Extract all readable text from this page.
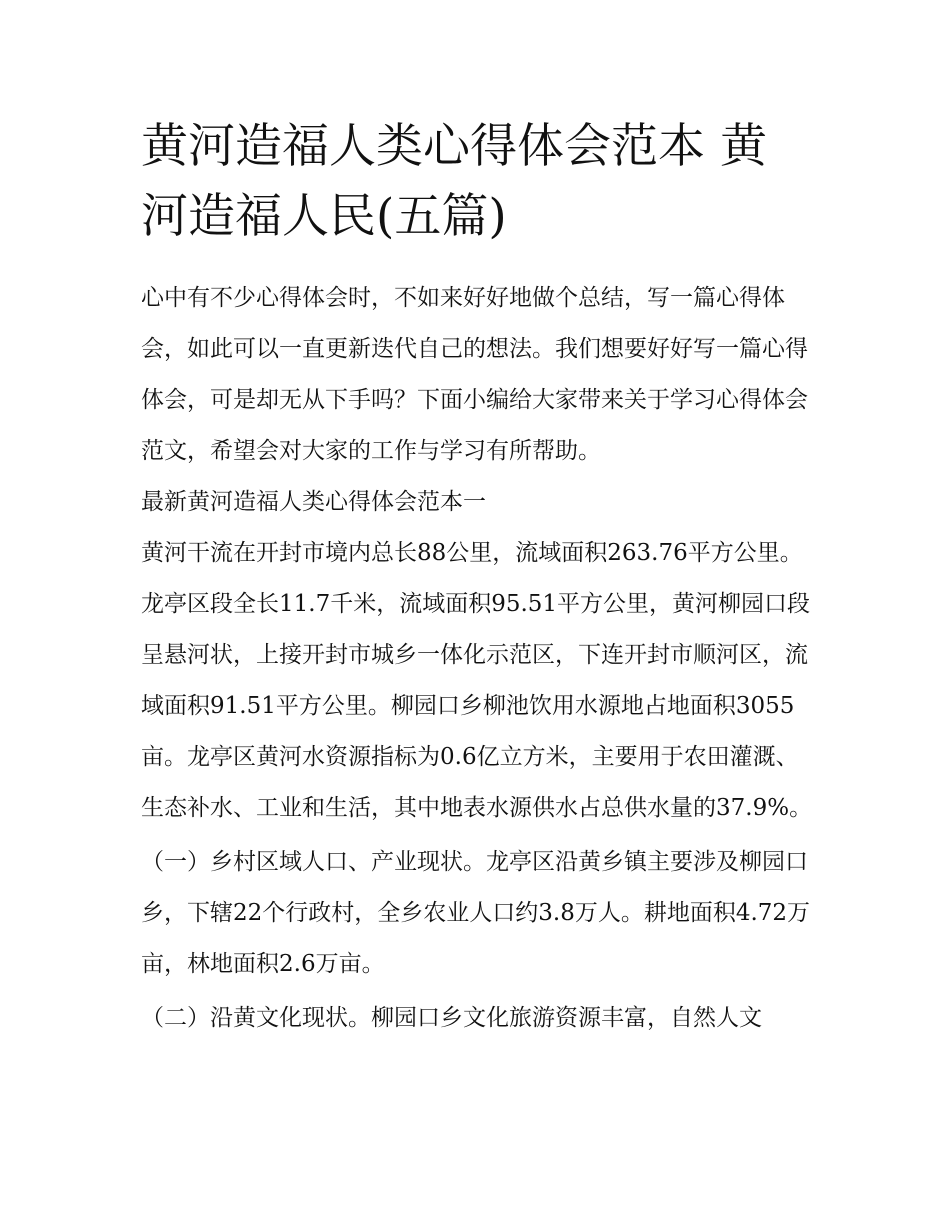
黄河造福人类心得体会范本 黄河造福人民(五篇)

心中有不少心得体会时，不如来好好地做个总结，写一篇心得体会，如此可以一直更新迭代自己的想法。我们想要好好写一篇心得体会，可是却无从下手吗？下面小编给大家带来关于学习心得体会范文，希望会对大家的工作与学习有所帮助。

最新黄河造福人类心得体会范本一

黄河干流在开封市境内总长88公里，流域面积263.76平方公里。龙亭区段全长11.7千米，流域面积95.51平方公里，黄河柳园口段呈悬河状，上接开封市城乡一体化示范区，下连开封市顺河区，流域面积91.51平方公里。柳园口乡柳池饮用水源地占地面积3055亩。龙亭区黄河水资源指标为0.6亿立方米，主要用于农田灌溉、生态补水、工业和生活，其中地表水源供水占总供水量的37.9%。

（一）乡村区域人口、产业现状。龙亭区沿黄乡镇主要涉及柳园口乡，下辖22个行政村，全乡农业人口约3.8万人。耕地面积4.72万亩，林地面积2.6万亩。

（二）沿黄文化现状。柳园口乡文化旅游资源丰富，自然人文
